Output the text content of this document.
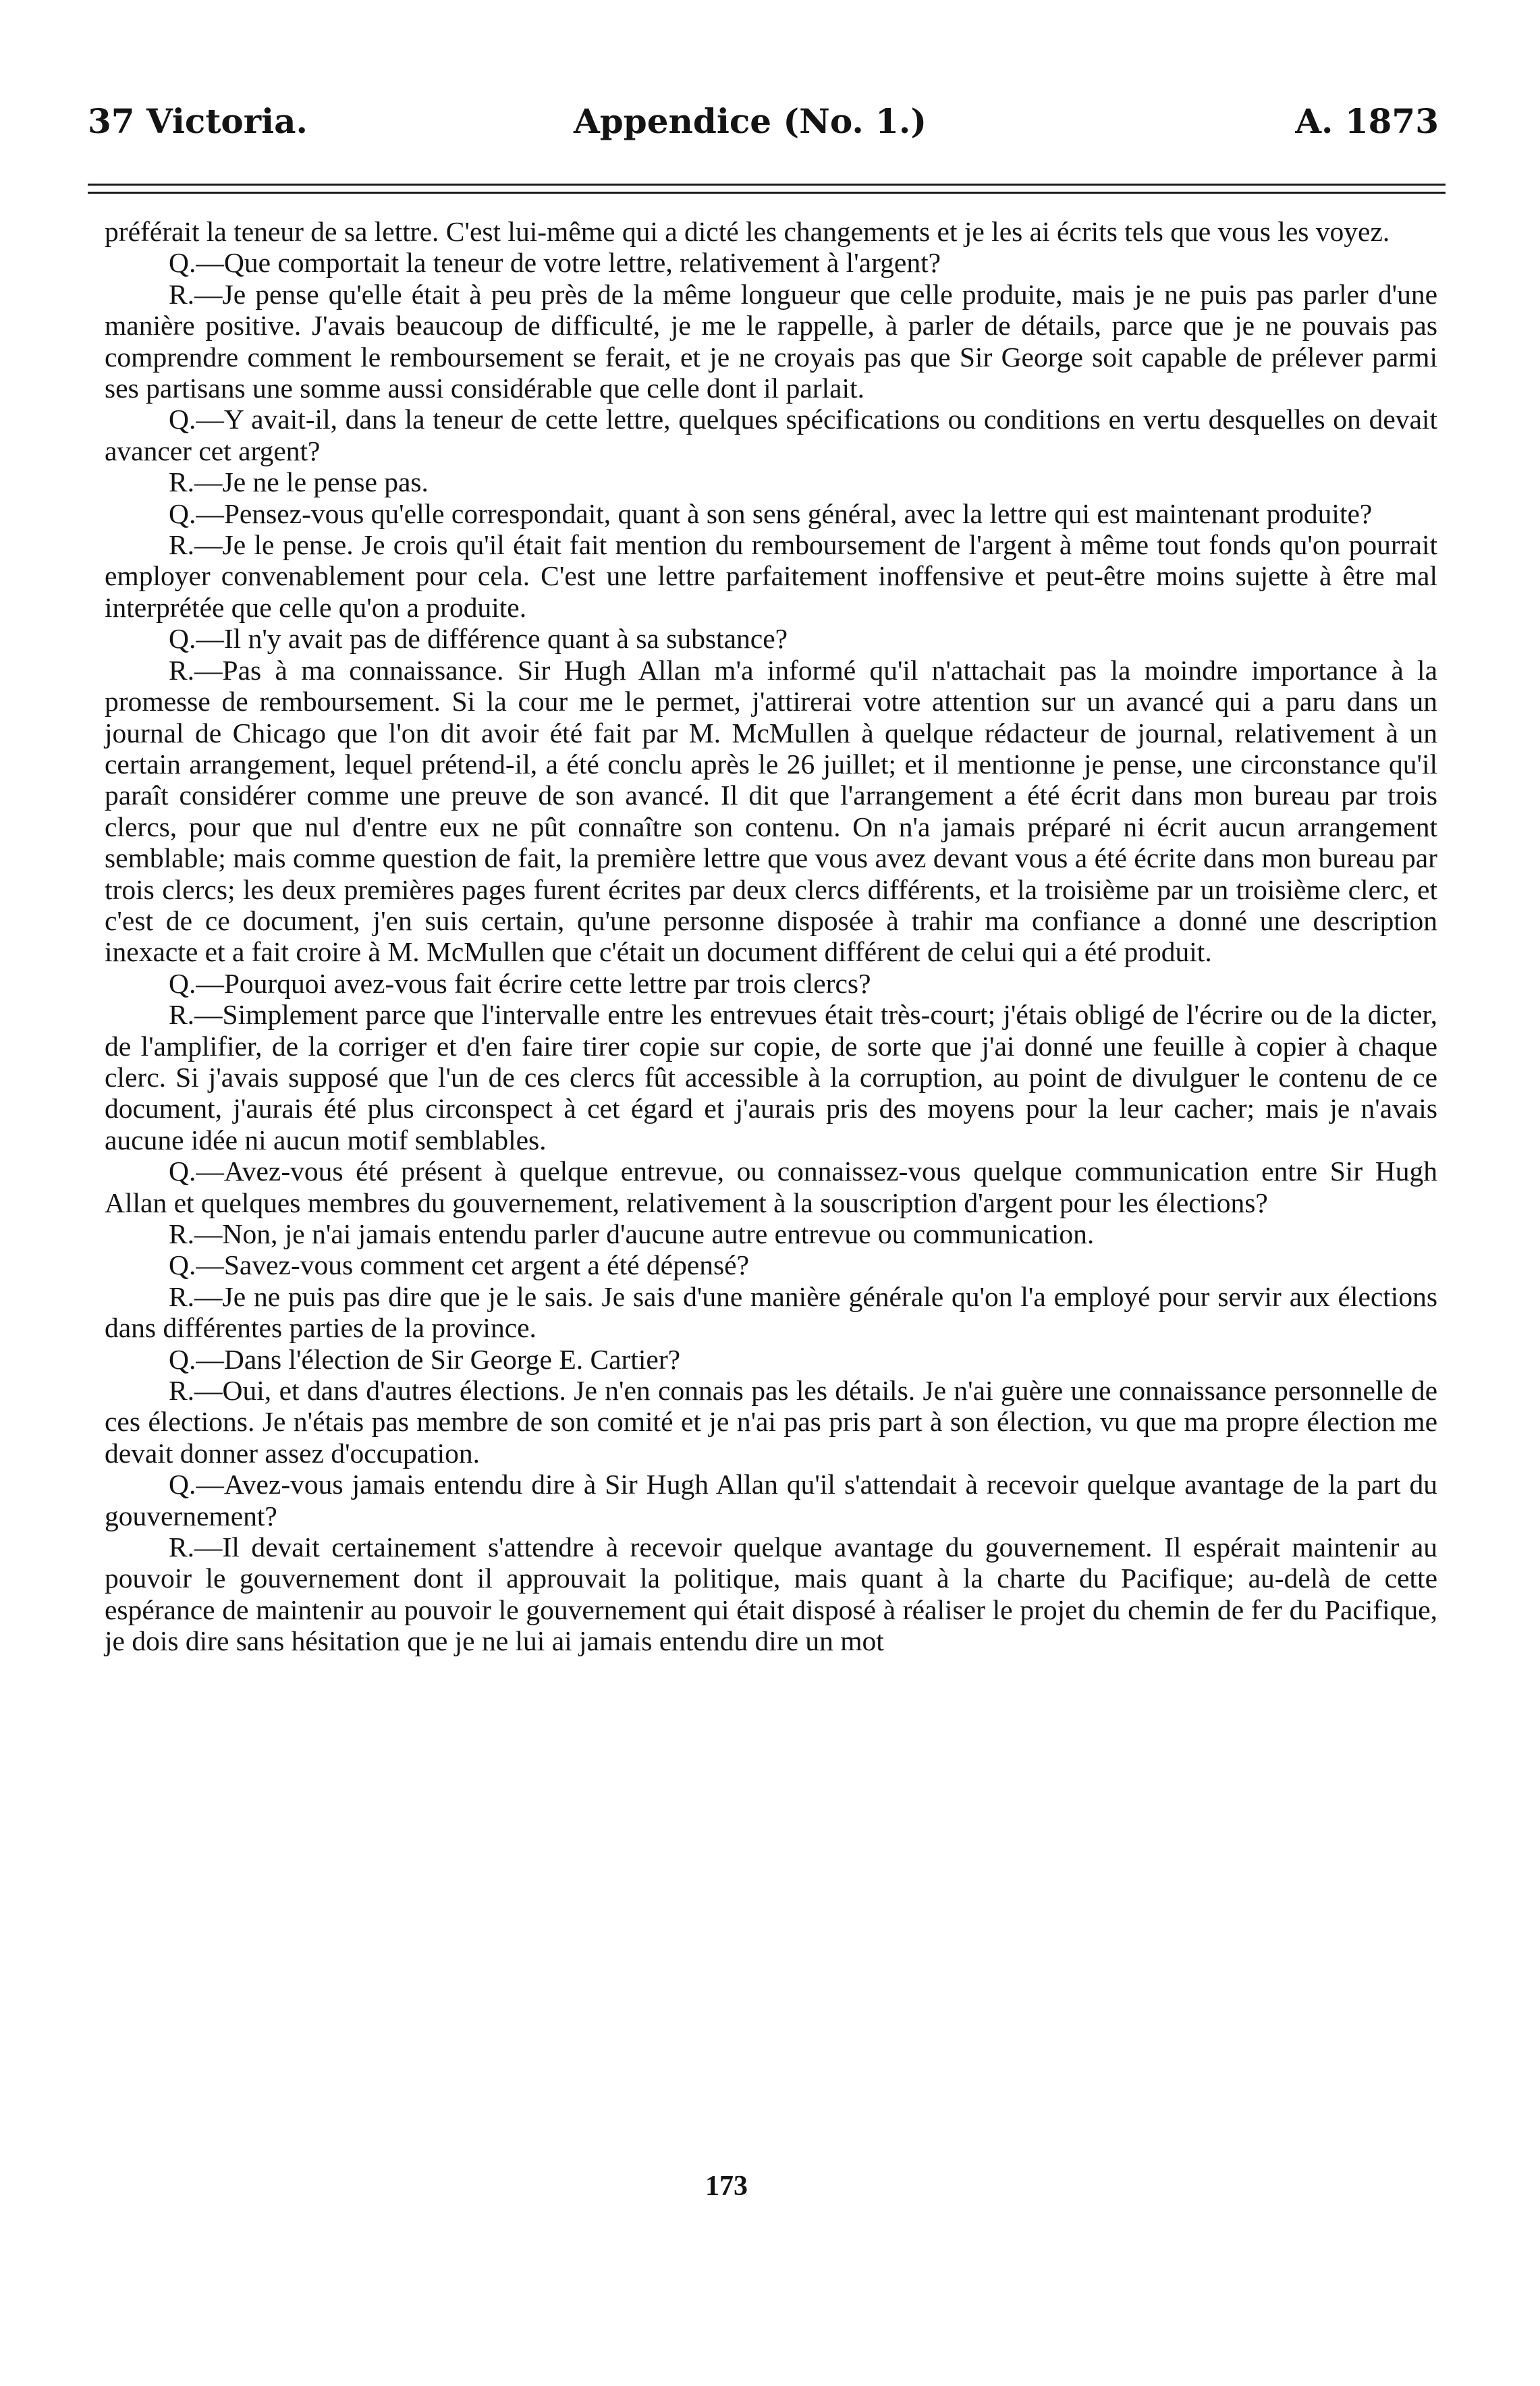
37 Victoria.	Appendice (No. 1.)	A. 1873

préférait la teneur de sa lettre. C'est lui-même qui a dicté les changements et je les ai écrits tels que vous les voyez.

Q.—Que comportait la teneur de votre lettre, relativement à l'argent?

R.—Je pense qu'elle était à peu près de la même longueur que celle produite, mais je ne puis pas parler d'une manière positive. J'avais beaucoup de difficulté, je me le rappelle, à parler de détails, parce que je ne pouvais pas comprendre comment le remboursement se ferait, et je ne croyais pas que Sir George soit capable de prélever parmi ses partisans une somme aussi considérable que celle dont il parlait.

Q.—Y avait-il, dans la teneur de cette lettre, quelques spécifications ou conditions en vertu desquelles on devait avancer cet argent?

R.—Je ne le pense pas.

Q.—Pensez-vous qu'elle correspondait, quant à son sens général, avec la lettre qui est maintenant produite?

R.—Je le pense. Je crois qu'il était fait mention du remboursement de l'argent à même tout fonds qu'on pourrait employer convenablement pour cela. C'est une lettre parfaitement inoffensive et peut-être moins sujette à être mal interprétée que celle qu'on a produite.

Q.—Il n'y avait pas de différence quant à sa substance?

R.—Pas à ma connaissance. Sir Hugh Allan m'a informé qu'il n'attachait pas la moindre importance à la promesse de remboursement. Si la cour me le permet, j'attirerai votre attention sur un avancé qui a paru dans un journal de Chicago que l'on dit avoir été fait par M. McMullen à quelque rédacteur de journal, relativement à un certain arrangement, lequel prétend-il, a été conclu après le 26 juillet; et il mentionne je pense, une circonstance qu'il paraît considérer comme une preuve de son avancé. Il dit que l'arrangement a été écrit dans mon bureau par trois clercs, pour que nul d'entre eux ne pût connaître son contenu. On n'a jamais préparé ni écrit aucun arrangement semblable; mais comme question de fait, la première lettre que vous avez devant vous a été écrite dans mon bureau par trois clercs; les deux premières pages furent écrites par deux clercs différents, et la troisième par un troisième clerc, et c'est de ce document, j'en suis certain, qu'une personne disposée à trahir ma confiance a donné une description inexacte et a fait croire à M. McMullen que c'était un document différent de celui qui a été produit.

Q.—Pourquoi avez-vous fait écrire cette lettre par trois clercs?

R.—Simplement parce que l'intervalle entre les entrevues était très-court; j'étais obligé de l'écrire ou de la dicter, de l'amplifier, de la corriger et d'en faire tirer copie sur copie, de sorte que j'ai donné une feuille à copier à chaque clerc. Si j'avais supposé que l'un de ces clercs fût accessible à la corruption, au point de divulguer le contenu de ce document, j'aurais été plus circonspect à cet égard et j'aurais pris des moyens pour la leur cacher; mais je n'avais aucune idée ni aucun motif semblables.

Q.—Avez-vous été présent à quelque entrevue, ou connaissez-vous quelque communication entre Sir Hugh Allan et quelques membres du gouvernement, relativement à la souscription d'argent pour les élections?

R.—Non, je n'ai jamais entendu parler d'aucune autre entrevue ou communication.

Q.—Savez-vous comment cet argent a été dépensé?

R.—Je ne puis pas dire que je le sais. Je sais d'une manière générale qu'on l'a employé pour servir aux élections dans différentes parties de la province.

Q.—Dans l'élection de Sir George E. Cartier?

R.—Oui, et dans d'autres élections. Je n'en connais pas les détails. Je n'ai guère une connaissance personnelle de ces élections. Je n'étais pas membre de son comité et je n'ai pas pris part à son élection, vu que ma propre élection me devait donner assez d'occupation.

Q.—Avez-vous jamais entendu dire à Sir Hugh Allan qu'il s'attendait à recevoir quelque avantage de la part du gouvernement?

R.—Il devait certainement s'attendre à recevoir quelque avantage du gouvernement. Il espérait maintenir au pouvoir le gouvernement dont il approuvait la politique, mais quant à la charte du Pacifique; au-delà de cette espérance de maintenir au pouvoir le gouvernement qui était disposé à réaliser le projet du chemin de fer du Pacifique, je dois dire sans hésitation que je ne lui ai jamais entendu dire un mot

173
